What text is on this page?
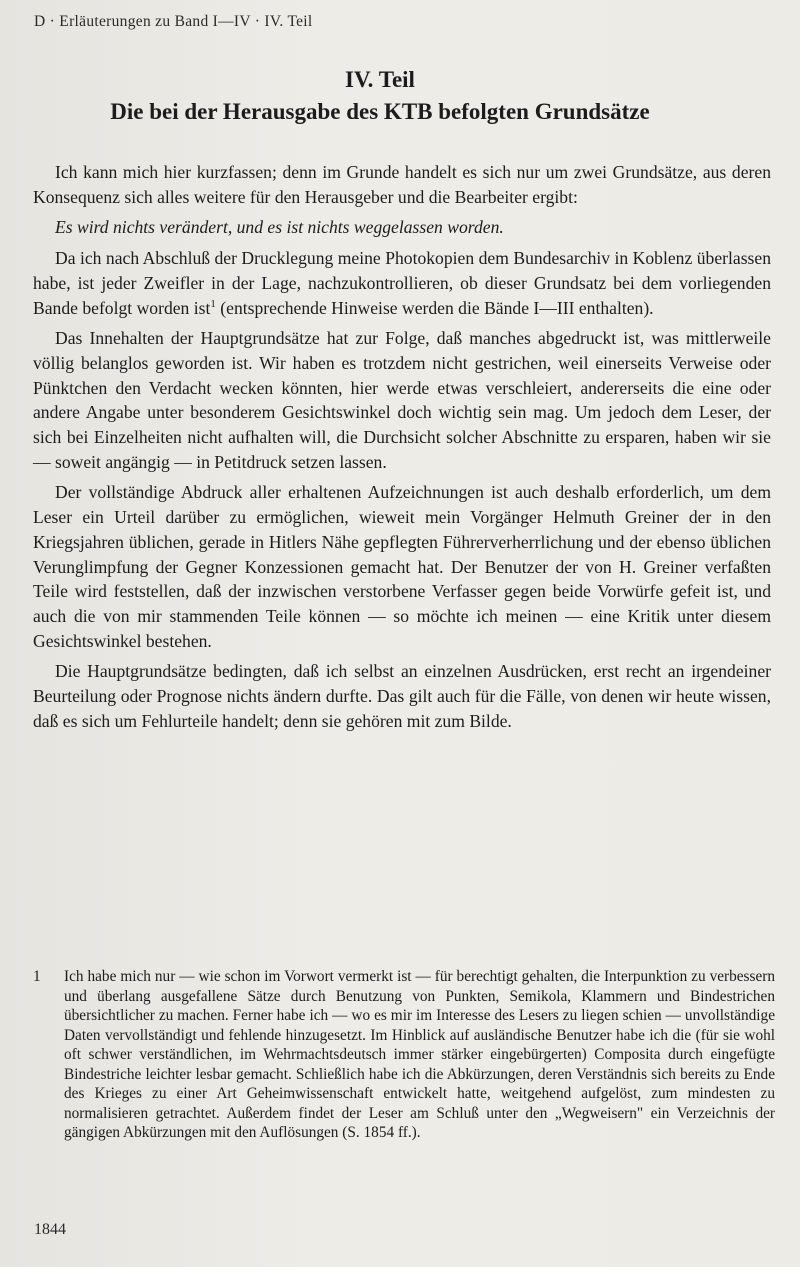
D · Erläuterungen zu Band I—IV · IV. Teil
IV. Teil
Die bei der Herausgabe des KTB befolgten Grundsätze

Ich kann mich hier kurzfassen; denn im Grunde handelt es sich nur um zwei Grundsätze, aus deren Konsequenz sich alles weitere für den Herausgeber und die Bearbeiter ergibt:

Es wird nichts verändert, und es ist nichts weggelassen worden.

Da ich nach Abschluß der Drucklegung meine Photokopien dem Bundesarchiv in Koblenz überlassen habe, ist jeder Zweifler in der Lage, nachzukontrollieren, ob dieser Grundsatz bei dem vorliegenden Bande befolgt worden ist$^1$ (entsprechende Hinweise werden die Bände I—III enthalten).

Das Innehalten der Hauptgrundsätze hat zur Folge, daß manches abgedruckt ist, was mittlerweile völlig belanglos geworden ist. Wir haben es trotzdem nicht gestrichen, weil einerseits Verweise oder Pünktchen den Verdacht wecken könnten, hier werde etwas verschleiert, andererseits die eine oder andere Angabe unter besonderem Gesichtswinkel doch wichtig sein mag. Um jedoch dem Leser, der sich bei Einzelheiten nicht aufhalten will, die Durchsicht solcher Abschnitte zu ersparen, haben wir sie — soweit angängig — in Petitdruck setzen lassen.

Der vollständige Abdruck aller erhaltenen Aufzeichnungen ist auch deshalb erforderlich, um dem Leser ein Urteil darüber zu ermöglichen, wieweit mein Vorgänger Helmuth Greiner der in den Kriegsjahren üblichen, gerade in Hitlers Nähe gepflegten Führerverherrlichung und der ebenso üblichen Verunglimpfung der Gegner Konzessionen gemacht hat. Der Benutzer der von H. Greiner verfaßten Teile wird feststellen, daß der inzwischen verstorbene Verfasser gegen beide Vorwürfe gefeit ist, und auch die von mir stammenden Teile können — so möchte ich meinen — eine Kritik unter diesem Gesichtswinkel bestehen.

Die Hauptgrundsätze bedingten, daß ich selbst an einzelnen Ausdrücken, erst recht an irgendeiner Beurteilung oder Prognose nichts ändern durfte. Das gilt auch für die Fälle, von denen wir heute wissen, daß es sich um Fehlurteile handelt; denn sie gehören mit zum Bilde.

1	Ich habe mich nur — wie schon im Vorwort vermerkt ist — für berechtigt gehalten, die Interpunktion zu verbessern und überlang ausgefallene Sätze durch Benutzung von Punkten, Semikola, Klammern und Bindestrichen übersichtlicher zu machen. Ferner habe ich — wo es mir im Interesse des Lesers zu liegen schien — unvollständige Daten vervollständigt und fehlende hinzugesetzt. Im Hinblick auf ausländische Benutzer habe ich die (für sie wohl oft schwer verständlichen, im Wehrmachtsdeutsch immer stärker eingebürgerten) Composita durch eingefügte Bindestriche leichter lesbar gemacht. Schließlich habe ich die Abkürzungen, deren Verständnis sich bereits zu Ende des Krieges zu einer Art Geheimwissenschaft entwickelt hatte, weitgehend aufgelöst, zum mindesten zu normalisieren getrachtet. Außerdem findet der Leser am Schluß unter den „Wegweisern" ein Verzeichnis der gängigen Abkürzungen mit den Auflösungen (S. 1854 ff.).
1844
